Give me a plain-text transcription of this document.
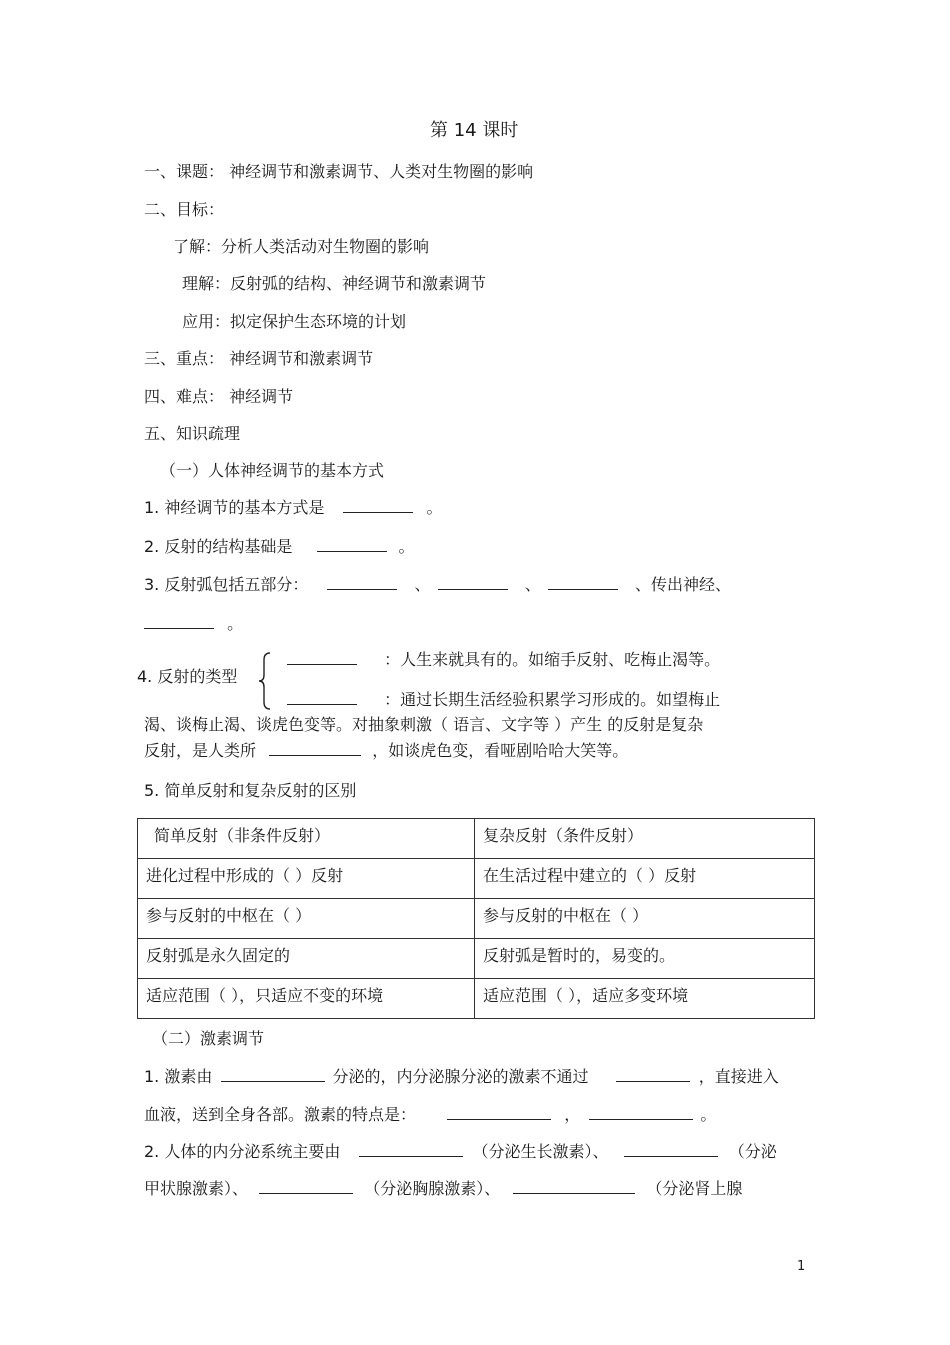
第 14 课时
一、课题： 神经调节和激素调节、人类对生物圈的影响
二、目标：
了解：分析人类活动对生物圈的影响
理解：反射弧的结构、神经调节和激素调节
应用：拟定保护生态环境的计划
三、重点： 神经调节和激素调节
四、难点： 神经调节
五、知识疏理
（一）人体神经调节的基本方式
1. 神经调节的基本方式是	。
2. 反射的结构基础是	。
3. 反射弧包括五部分：	、	、	、传出神经、
。
4. 反射的类型
：人生来就具有的。如缩手反射、吃梅止渴等。
：通过长期生活经验积累学习形成的。如望梅止
渴、谈梅止渴、谈虎色变等。对抽象刺激（ 语言、文字等 ）产生 的反射是复杂
反射，是人类所	，如谈虎色变，看哑剧哈哈大笑等。
5. 简单反射和复杂反射的区别
简单反射（非条件反射）	复杂反射（条件反射）
进化过程中形成的（ ）反射	在生活过程中建立的（ ）反射
参与反射的中枢在（ ）	参与反射的中枢在（ ）
反射弧是永久固定的	反射弧是暂时的，易变的。
适应范围（ ），只适应不变的环境	适应范围（ ），适应多变环境
（二）激素调节
1. 激素由	分泌的，内分泌腺分泌的激素不通过	，直接进入
血液，送到全身各部。激素的特点是：	，	。
2. 人体的内分泌系统主要由	（分泌生长激素）、	（分泌
甲状腺激素）、	（分泌胸腺激素）、	（分泌肾上腺
1
